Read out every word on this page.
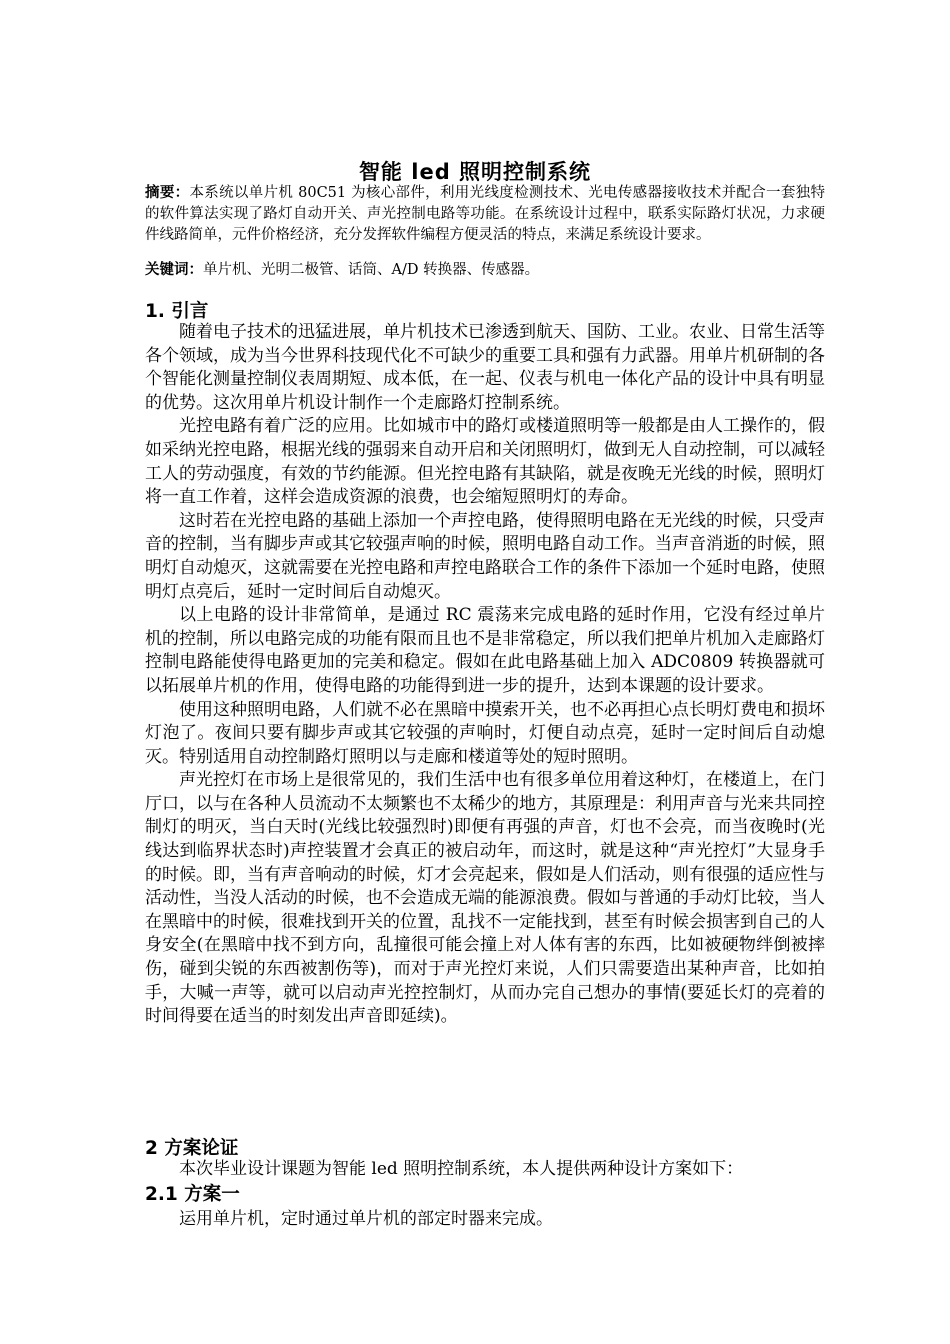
智能 led 照明控制系统

摘要：本系统以单片机 80C51 为核心部件，利用光线度检测技术、光电传感器接收技术并配合一套独特的软件算法实现了路灯自动开关、声光控制电路等功能。在系统设计过程中，联系实际路灯状况，力求硬件线路简单，元件价格经济，充分发挥软件编程方便灵活的特点，来满足系统设计要求。

关键词：单片机、光明二极管、话筒、A/D 转换器、传感器。

1. 引言

随着电子技术的迅猛进展，单片机技术已渗透到航天、国防、工业。农业、日常生活等各个领域，成为当今世界科技现代化不可缺少的重要工具和强有力武器。用单片机研制的各个智能化测量控制仪表周期短、成本低，在一起、仪表与机电一体化产品的设计中具有明显的优势。这次用单片机设计制作一个走廊路灯控制系统。

光控电路有着广泛的应用。比如城市中的路灯或楼道照明等一般都是由人工操作的，假如采纳光控电路，根据光线的强弱来自动开启和关闭照明灯，做到无人自动控制，可以减轻工人的劳动强度，有效的节约能源。但光控电路有其缺陷，就是夜晚无光线的时候，照明灯将一直工作着，这样会造成资源的浪费，也会缩短照明灯的寿命。

这时若在光控电路的基础上添加一个声控电路，使得照明电路在无光线的时候，只受声音的控制，当有脚步声或其它较强声响的时候，照明电路自动工作。当声音消逝的时候，照明灯自动熄灭，这就需要在光控电路和声控电路联合工作的条件下添加一个延时电路，使照明灯点亮后，延时一定时间后自动熄灭。

以上电路的设计非常简单，是通过 RC 震荡来完成电路的延时作用，它没有经过单片机的控制，所以电路完成的功能有限而且也不是非常稳定，所以我们把单片机加入走廊路灯控制电路能使得电路更加的完美和稳定。假如在此电路基础上加入 ADC0809 转换器就可以拓展单片机的作用，使得电路的功能得到进一步的提升，达到本课题的设计要求。

使用这种照明电路，人们就不必在黑暗中摸索开关，也不必再担心点长明灯费电和损坏灯泡了。夜间只要有脚步声或其它较强的声响时，灯便自动点亮，延时一定时间后自动熄灭。特别适用自动控制路灯照明以与走廊和楼道等处的短时照明。

声光控灯在市场上是很常见的，我们生活中也有很多单位用着这种灯，在楼道上，在门厅口，以与在各种人员流动不太频繁也不太稀少的地方，其原理是：利用声音与光来共同控制灯的明灭，当白天时(光线比较强烈时)即便有再强的声音，灯也不会亮，而当夜晚时(光线达到临界状态时)声控装置才会真正的被启动年，而这时，就是这种“声光控灯”大显身手的时候。即，当有声音响动的时候，灯才会亮起来，假如是人们活动，则有很强的适应性与活动性，当没人活动的时候，也不会造成无端的能源浪费。假如与普通的手动灯比较，当人在黑暗中的时候，很难找到开关的位置，乱找不一定能找到，甚至有时候会损害到自己的人身安全(在黑暗中找不到方向，乱撞很可能会撞上对人体有害的东西，比如被硬物绊倒被摔伤，碰到尖锐的东西被割伤等)，而对于声光控灯来说，人们只需要造出某种声音，比如拍手，大喊一声等，就可以启动声光控控制灯，从而办完自己想办的事情(要延长灯的亮着的时间得要在适当的时刻发出声音即延续)。

2 方案论证

本次毕业设计课题为智能 led 照明控制系统，本人提供两种设计方案如下：

2.1 方案一

运用单片机，定时通过单片机的部定时器来完成。
